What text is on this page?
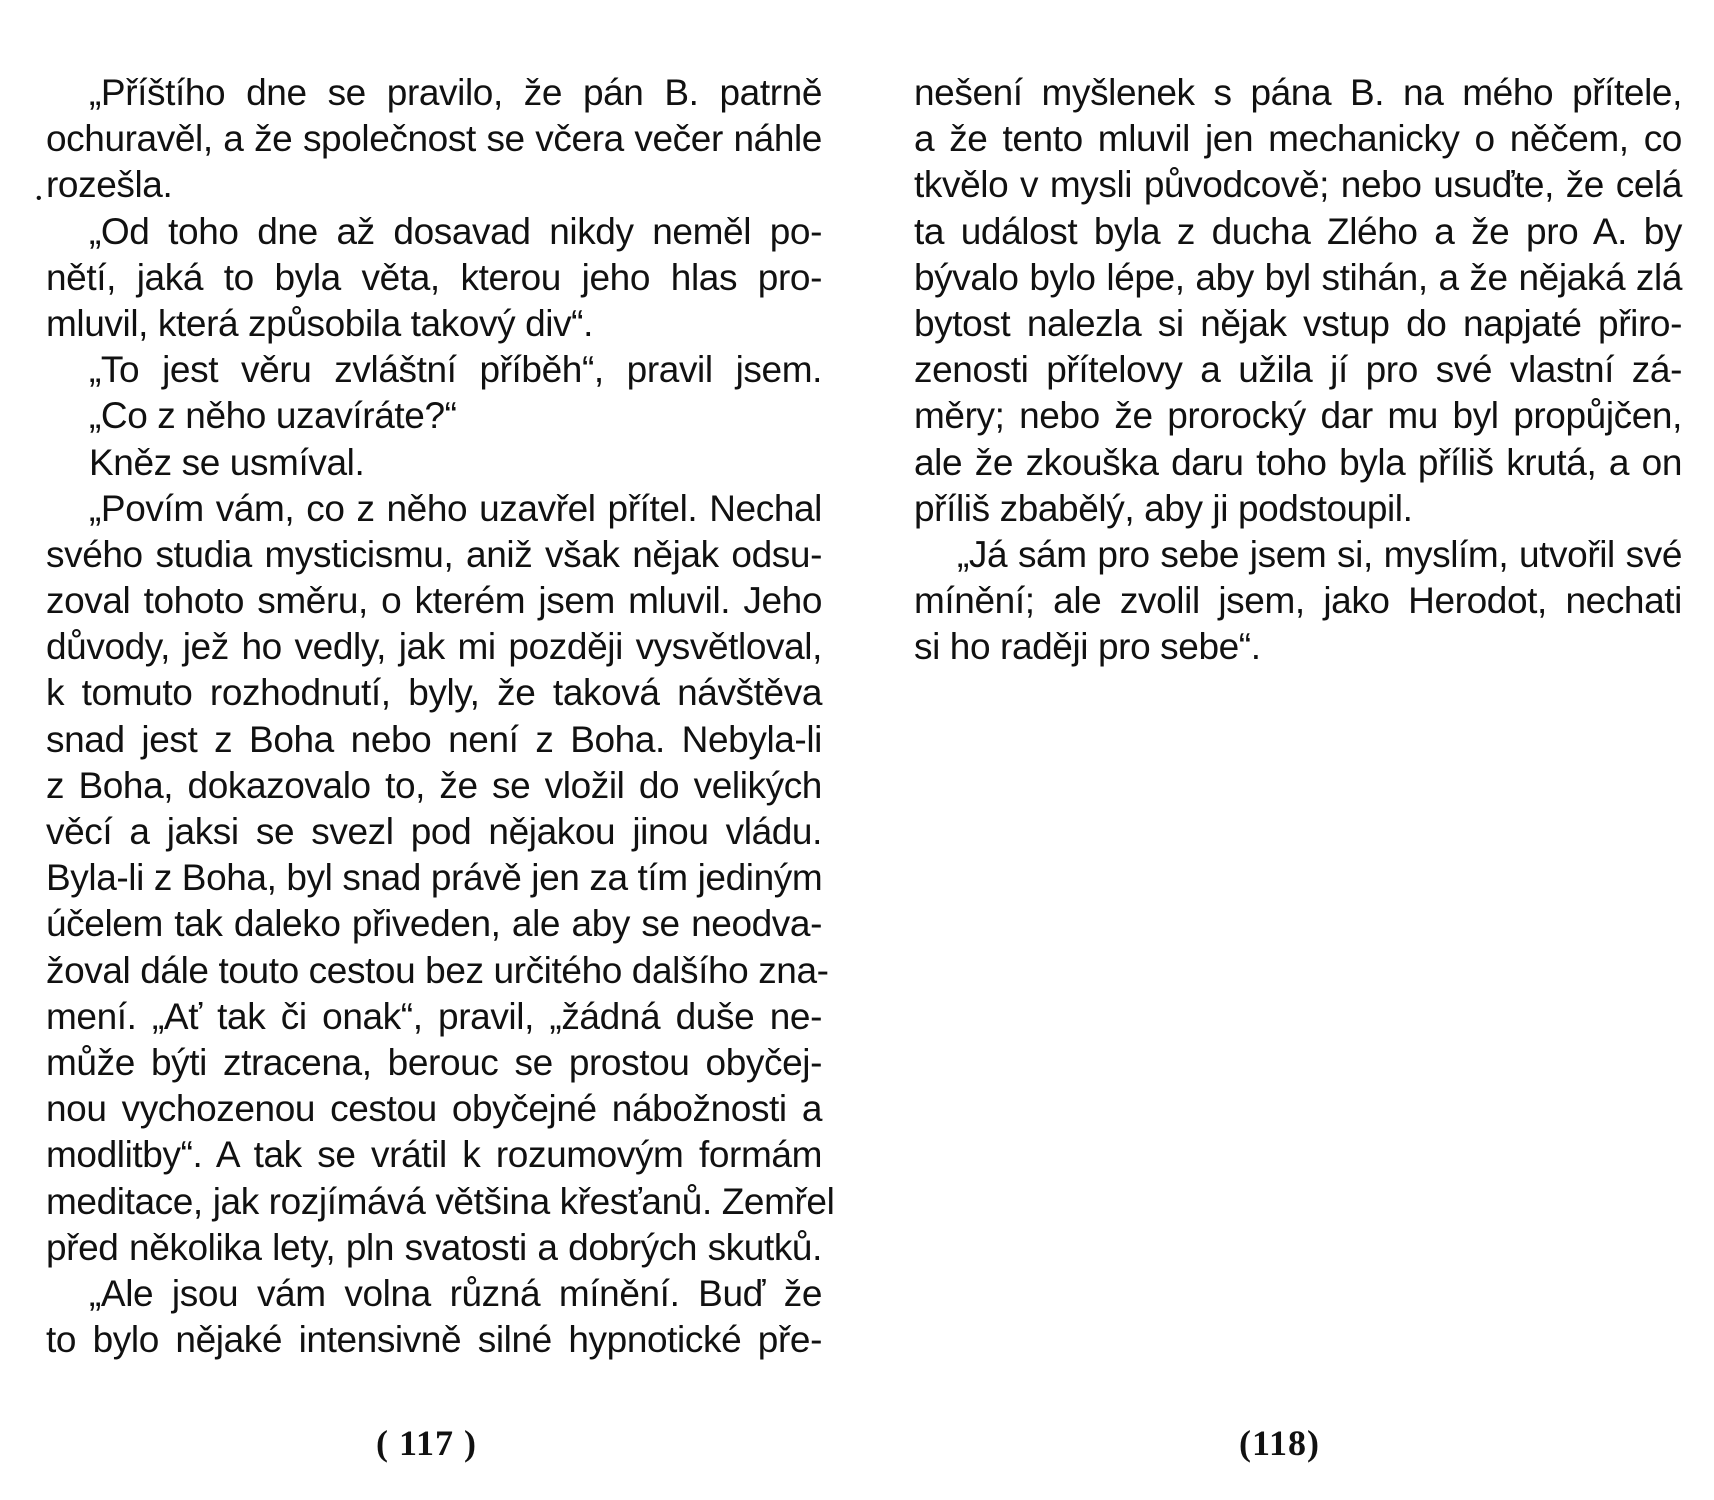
„Příštího dne se pravilo, že pán B. patrně
ochuravěl, a že společnost se včera večer náhle
• rozešla.
„Od toho dne až dosavad nikdy neměl po-
nětí, jaká to byla věta, kterou jeho hlas pro-
mluvil, která způsobila takový div“.
„To jest věru zvláštní příběh“, pravil jsem.
„Co z něho uzavíráte?“
Kněz se usmíval.
„Povím vám, co z něho uzavřel přítel. Nechal
svého studia mysticismu, aniž však nějak odsu-
zoval tohoto směru, o kterém jsem mluvil. Jeho
důvody, jež ho vedly, jak mi později vysvětloval,
k tomuto rozhodnutí, byly, že taková návštěva
snad jest z Boha nebo není z Boha. Nebyla-li
z Boha, dokazovalo to, že se vložil do velikých
věcí a jaksi se svezl pod nějakou jinou vládu.
Byla-li z Boha, byl snad právě jen za tím jediným
účelem tak daleko přiveden, ale aby se neodva-
žoval dále touto cestou bez určitého dalšího zna-
mení. „Ať tak či onak“, pravil, „žádná duše ne-
může býti ztracena, berouc se prostou obyčej-
nou vychozenou cestou obyčejné nábožnosti a
modlitby“. A tak se vrátil k rozumovým formám
meditace, jak rozjímává většina křesťanů. Zemřel
před několika lety, pln svatosti a dobrých skutků.
„Ale jsou vám volna různá mínění. Buď že
to bylo nějaké intensivně silné hypnotické pře-
( 117 )
nešení myšlenek s pána B. na mého přítele,
a že tento mluvil jen mechanicky o něčem, co
tkvělo v mysli původcově; nebo usuďte, že celá
ta událost byla z ducha Zlého a že pro A. by
bývalo bylo lépe, aby byl stihán, a že nějaká zlá
bytost nalezla si nějak vstup do napjaté přiro-
zenosti přítelovy a užila jí pro své vlastní zá-
měry; nebo že prorocký dar mu byl propůjčen,
ale že zkouška daru toho byla příliš krutá, a on
příliš zbabělý, aby ji podstoupil.
„Já sám pro sebe jsem si, myslím, utvořil své
mínění; ale zvolil jsem, jako Herodot, nechati
si ho raději pro sebe“.
(118)
